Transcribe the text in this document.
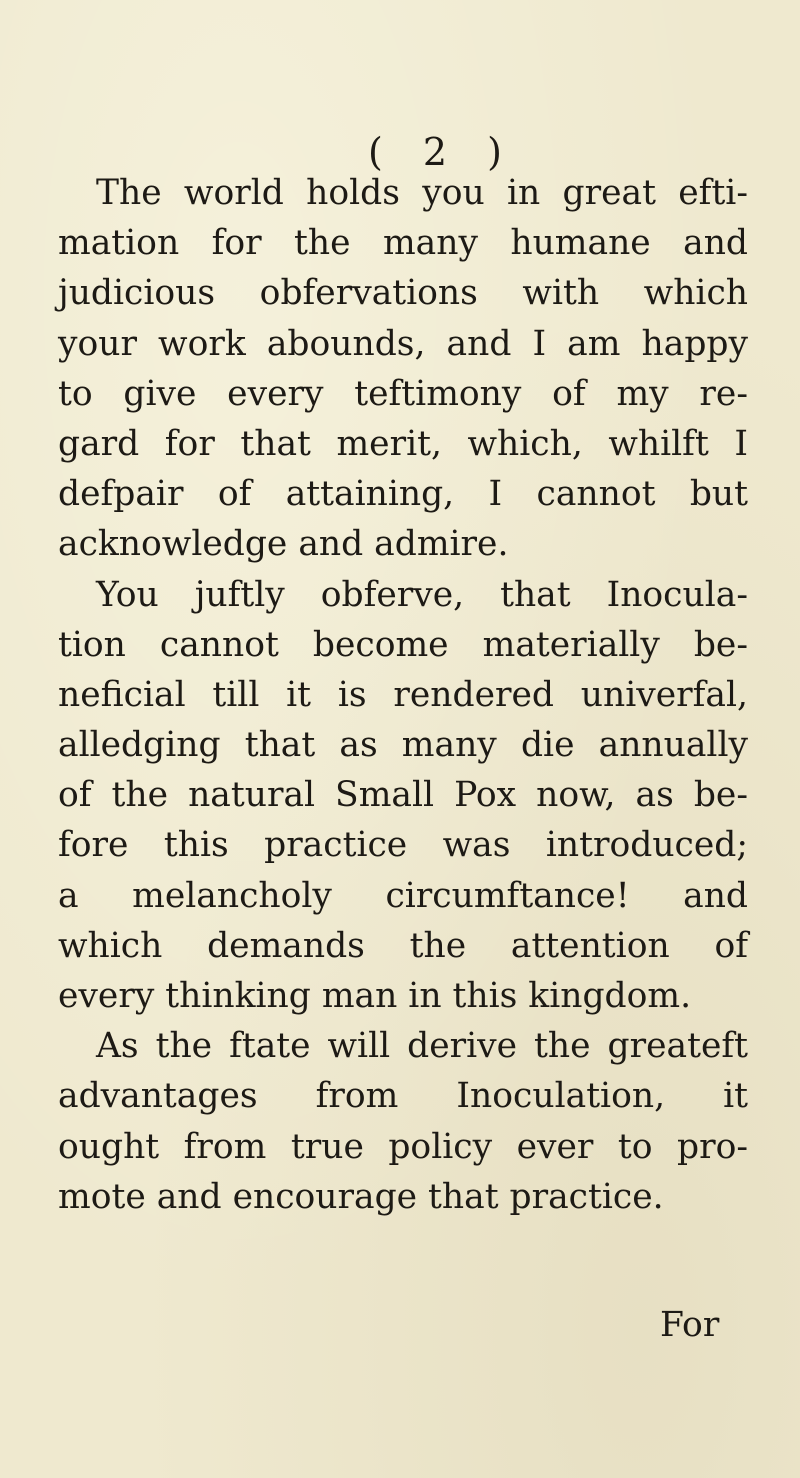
( 2 )
The world holds you in great efti-
mation for the many humane and
judicious obfervations with which
your work abounds, and I am happy
to give every teftimony of my re-
gard for that merit, which, whilft I
defpair of attaining, I cannot but
acknowledge and admire.
You juftly obferve, that Inocula-
tion cannot become materially be-
neficial till it is rendered univerfal,
alledging that as many die annually
of the natural Small Pox now, as be-
fore this practice was introduced;
a melancholy circumftance! and
which demands the attention of
every thinking man in this kingdom.
As the ftate will derive the greateft
advantages from Inoculation, it
ought from true policy ever to pro-
mote and encourage that practice.
For
